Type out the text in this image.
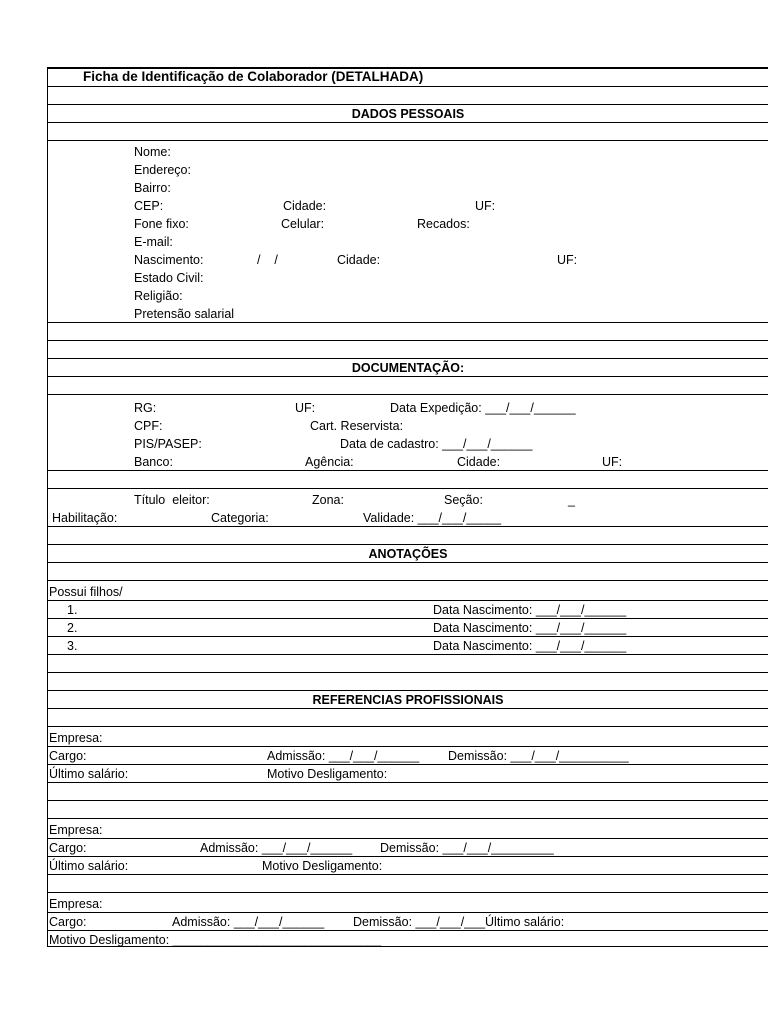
Ficha de Identificação de Colaborador (DETALHADA)
DADOS PESSOAIS
Nome:
Endereço:
Bairro:
CEP:	Cidade:	UF:
Fone fixo:	Celular:	Recados:
E-mail:
Nascimento:	/    /	Cidade:	UF:
Estado Civil:
Religião:
Pretensão salarial
DOCUMENTAÇÃO:
RG:	UF:	Data Expedição: ___/___/______
CPF:	Cart. Reservista:
PIS/PASEP:	Data de cadastro: ___/___/______
Banco:	Agência:	Cidade:	UF:
Título  eleitor:	Zona:	Seção:	_
Habilitação:	Categoria:	Validade: ___/___/_____
ANOTAÇÕES
Possui filhos/
1.	Data Nascimento: ___/___/______
2.	Data Nascimento: ___/___/______
3.	Data Nascimento: ___/___/______
REFERENCIAS PROFISSIONAIS
Empresa:
Cargo:	Admissão: ___/___/______ Demissão: ___/___/__________
Último salário:	Motivo Desligamento:
Empresa:
Cargo:	Admissão: ___/___/______ Demissão: ___/___/_________
Último salário:	Motivo Desligamento:
Empresa:
Cargo:	Admissão: ___/___/______ Demissão: ___/___/___Último salário:
Motivo Desligamento: ______________________________
